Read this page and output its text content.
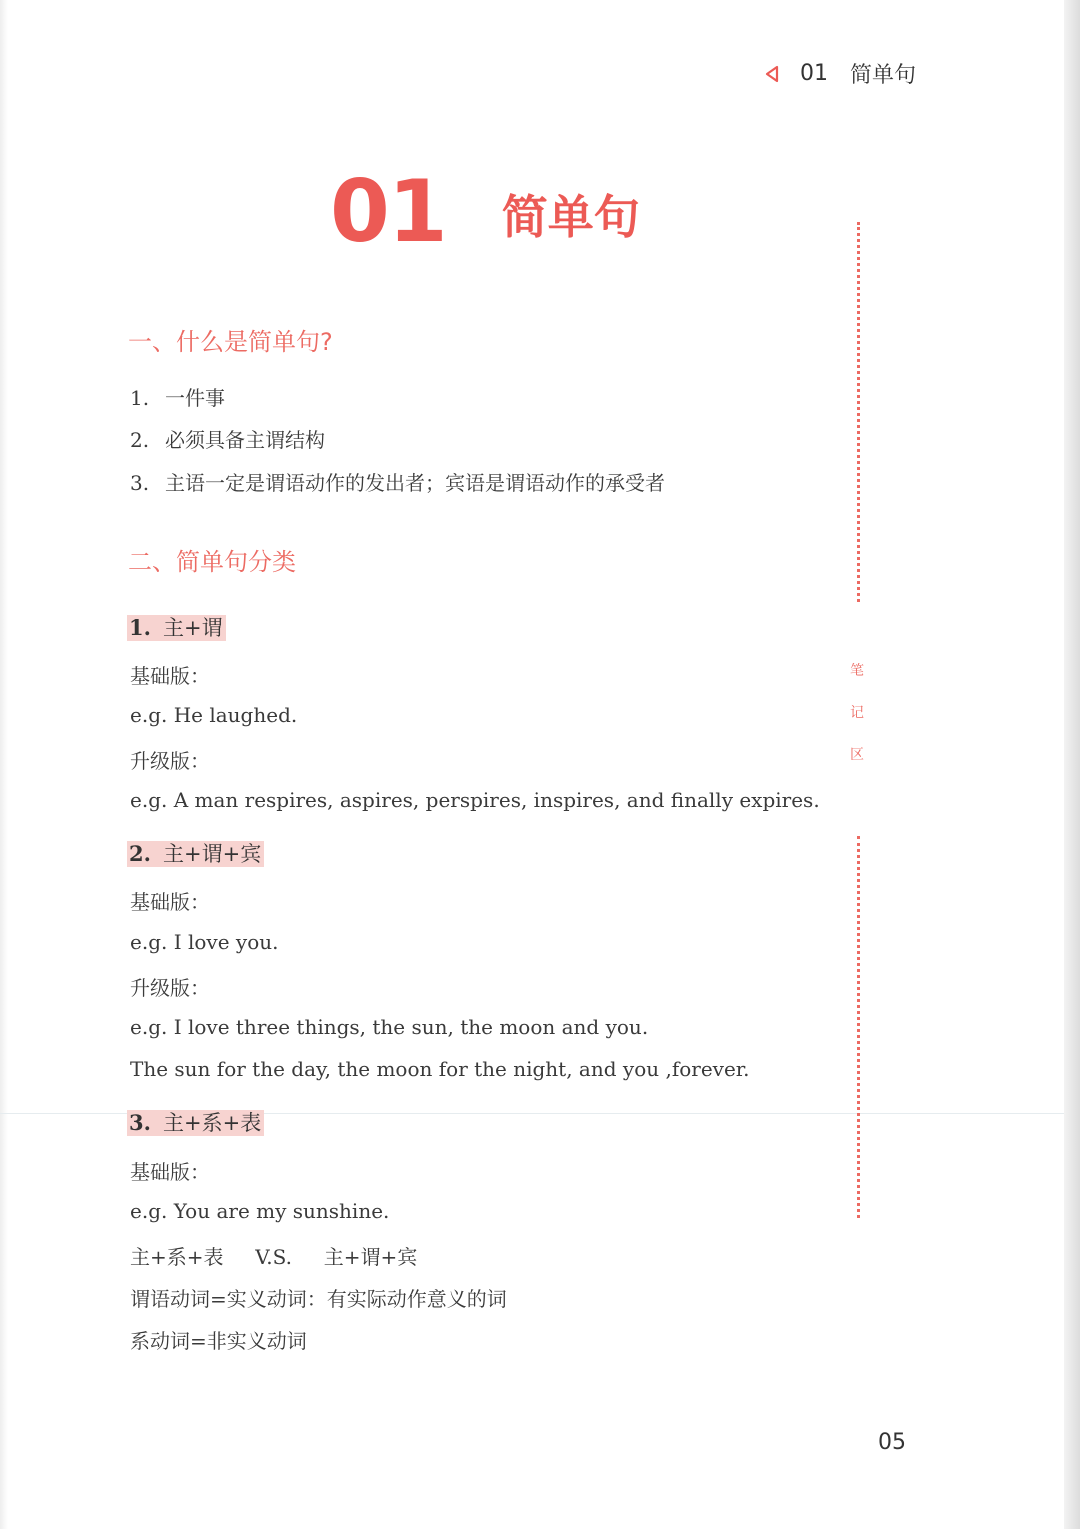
01 简单句
01 简单句
一、什么是简单句?
1. 一件事
2. 必须具备主谓结构
3. 主语一定是谓语动作的发出者；宾语是谓语动作的承受者
二、简单句分类
1. 主+谓
基础版：
e.g. He laughed.
升级版：
e.g. A man respires, aspires, perspires, inspires, and finally expires.
2. 主+谓+宾
基础版：
e.g. I love you.
升级版：
e.g. I love three things, the sun, the moon and you.
The sun for the day, the moon for the night, and you ,forever.
3. 主+系+表
基础版：
e.g. You are my sunshine.
主+系+表     V.S.     主+谓+宾
谓语动词=实义动词：有实际动作意义的词
系动词=非实义动词
笔
记
区
05
